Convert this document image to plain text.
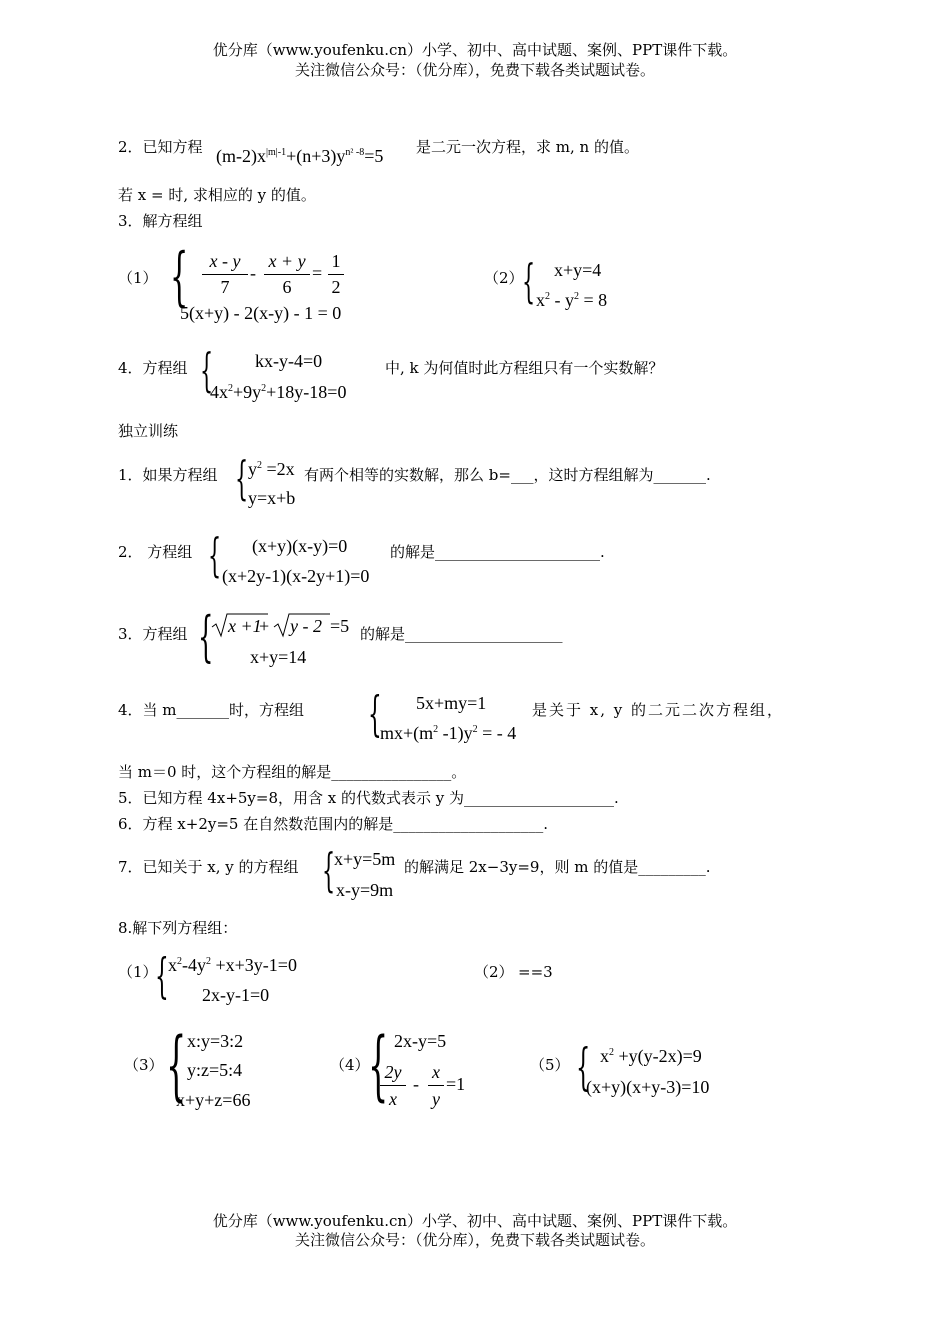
优分库（www.youfenku.cn）小学、初中、高中试题、案例、PPT课件下载。
关注微信公众号：（优分库），免费下载各类试题试卷。
2．已知方程 $(m-2)x^{|m|-1}+(n+3)y^{n^2 -8}=5$ 是二元一次方程，求 m, n 的值。
若 x = 时, 求相应的 y 的值。
3．解方程组
（1） {	x - y
7
-
x + y
6
=
1
2
5(x+y) - 2(x-y) - 1 = 0
（2）
{ x+y=4
$x^2 - y^2 = 8$
4．方程组 { kx-y-4=0
$4x^2+9y^2+18y-18=0$
中, k 为何值时此方程组只有一个实数解？
独立训练
1．如果方程组 { $y^2 =2x$
y=x+b
有两个相等的实数解，那么 b=___，这时方程组解为_______.
2． 方程组 { (x+y)(x-y)=0
(x+2y-1)(x-2y+1)=0
的解是______________________.
3．方程组 { x +1
+ y - 2 =5
x+y=14
的解是_____________________
4．当 m_______时，方程组 { 5x+my=1
$mx+(m^2$ $-1)y^2$ = - 4
是关于 x, y 的二元二次方程组，
当 m＝0 时，这个方程组的解是________________。
5．已知方程 4x+5y=8，用含 x 的代数式表示 y 为____________________.
6．方程 x+2y=5 在自然数范围内的解是____________________.
7．已知关于 x, y 的方程组 {
x+y=5m
x-y=9m
的解满足 2x−3y=9，则 m 的值是_________.
8.解下列方程组：
（1）
{ $x^2-4y^2 +x+3y-1=0$
2x-y-1=0
（2） ==3
（3） { x:y=3:2
y:z=5:4
x+y+z=66
（4）
{ 2x-y=5
2y
x
-
x
y
=1
（5） { $x^2 +y(y-2x)=9$
(x+y)(x+y-3)=10
优分库（www.youfenku.cn）小学、初中、高中试题、案例、PPT课件下载。
关注微信公众号：（优分库），免费下载各类试题试卷。
